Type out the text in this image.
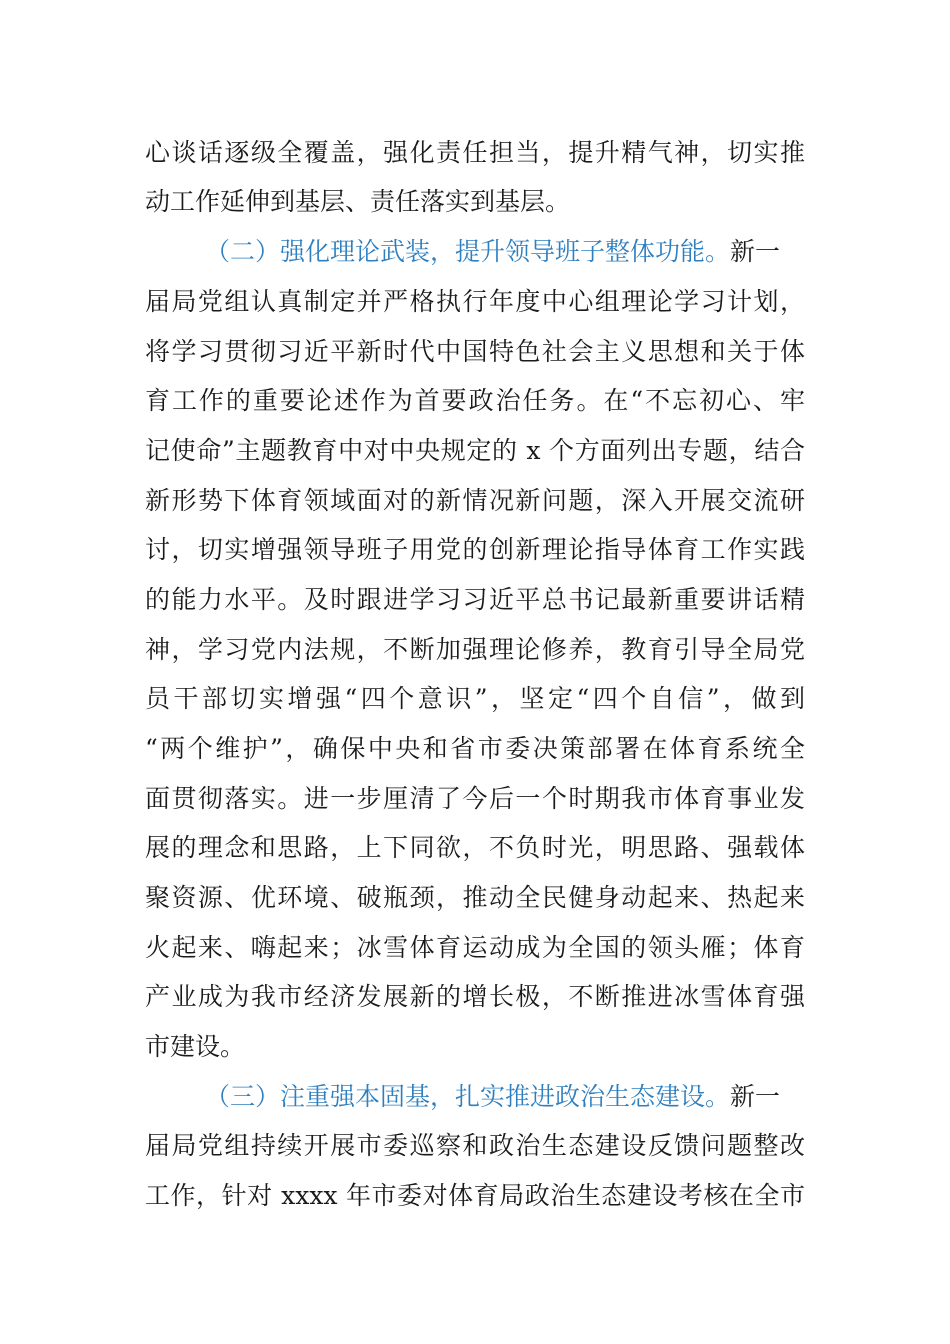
心谈话逐级全覆盖，强化责任担当，提升精气神，切实推
动工作延伸到基层、责任落实到基层。
（二）强化理论武装，提升领导班子整体功能。新一
届局党组认真制定并严格执行年度中心组理论学习计划，
将学习贯彻习近平新时代中国特色社会主义思想和关于体
育工作的重要论述作为首要政治任务。在“不忘初心、牢
记使命”主题教育中对中央规定的 x 个方面列出专题，结合
新形势下体育领域面对的新情况新问题，深入开展交流研
讨，切实增强领导班子用党的创新理论指导体育工作实践
的能力水平。及时跟进学习习近平总书记最新重要讲话精
神，学习党内法规，不断加强理论修养，教育引导全局党
员干部切实增强“四个意识”，坚定“四个自信”，做到
“两个维护”，确保中央和省市委决策部署在体育系统全
面贯彻落实。进一步厘清了今后一个时期我市体育事业发
展的理念和思路，上下同欲，不负时光，明思路、强载体
聚资源、优环境、破瓶颈，推动全民健身动起来、热起来
火起来、嗨起来；冰雪体育运动成为全国的领头雁；体育
产业成为我市经济发展新的增长极，不断推进冰雪体育强
市建设。
（三）注重强本固基，扎实推进政治生态建设。新一
届局党组持续开展市委巡察和政治生态建设反馈问题整改
工作，针对 xxxx 年市委对体育局政治生态建设考核在全市
